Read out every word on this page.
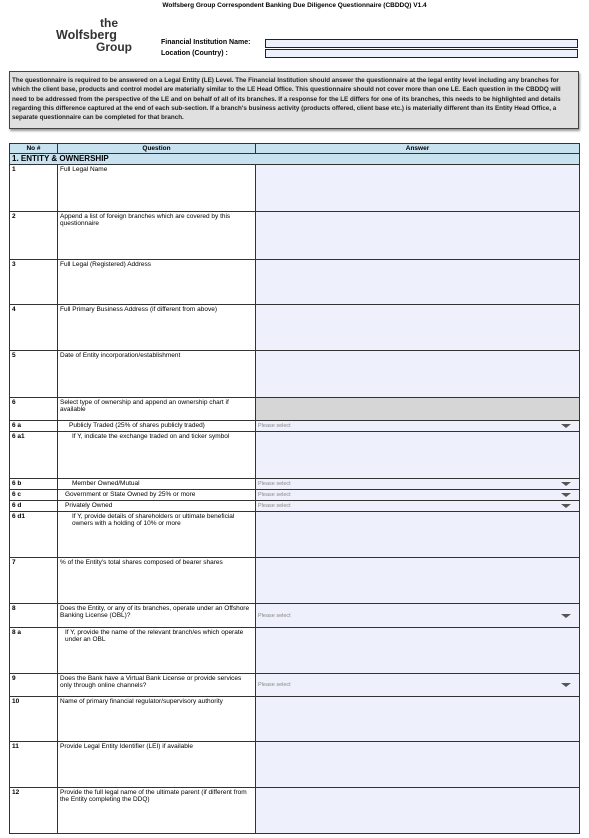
Wolfsberg Group Correspondent Banking Due Diligence Questionnaire (CBDDQ) V1.4
the
Wolfsberg
Group	Financial Institution Name:
Location (Country) :
The questionnaire is required to be answered on a Legal Entity (LE) Level. The Financial Institution should answer the questionnaire at the legal entity level including any branches for which the client base, products and control model are materially similar to the LE Head Office. This questionnaire should not cover more than one LE. Each question in the CBDDQ will need to be addressed from the perspective of the LE and on behalf of all of its branches. If a response for the LE differs for one of its branches, this needs to be highlighted and details regarding this difference captured at the end of each sub-section. If a branch's business activity (products offered, client base etc.) is materially different than its Entity Head Office, a separate questionnaire can be completed for that branch.
No #	Question	Answer
1. ENTITY & OWNERSHIP		
1	Full Legal Name	
2	Append a list of foreign branches which are covered by this questionnaire	
3	Full Legal (Registered) Address	
4	Full Primary Business Address (if different from above)	
5	Date of Entity incorporation/establishment	
6	Select type of ownership and append an ownership chart if available	
6 a	Publicly Traded (25% of shares publicly traded)	Please select

6 a1	If Y, indicate the exchange traded on and ticker symbol	
6 b	Member Owned/Mutual	Please select

6 c	Government or State Owned by 25% or more	Please select

6 d	Privately Owned	Please select

6 d1	If Y, provide details of shareholders or ultimate beneficial owners with a holding of 10% or more	
7	% of the Entity's total shares composed of bearer shares	
8	Does the Entity, or any of its branches, operate under an Offshore Banking License (OBL)?	Please select

8 a	If Y, provide the name of the relevant branch/es which operate under an OBL	
9	Does the Bank have a Virtual Bank License or provide services only through online channels?	Please select

10	Name of primary financial regulator/supervisory authority	
11	Provide Legal Entity Identifier (LEI) if available	
12	Provide the full legal name of the ultimate parent (if different from the Entity completing the DDQ)	
